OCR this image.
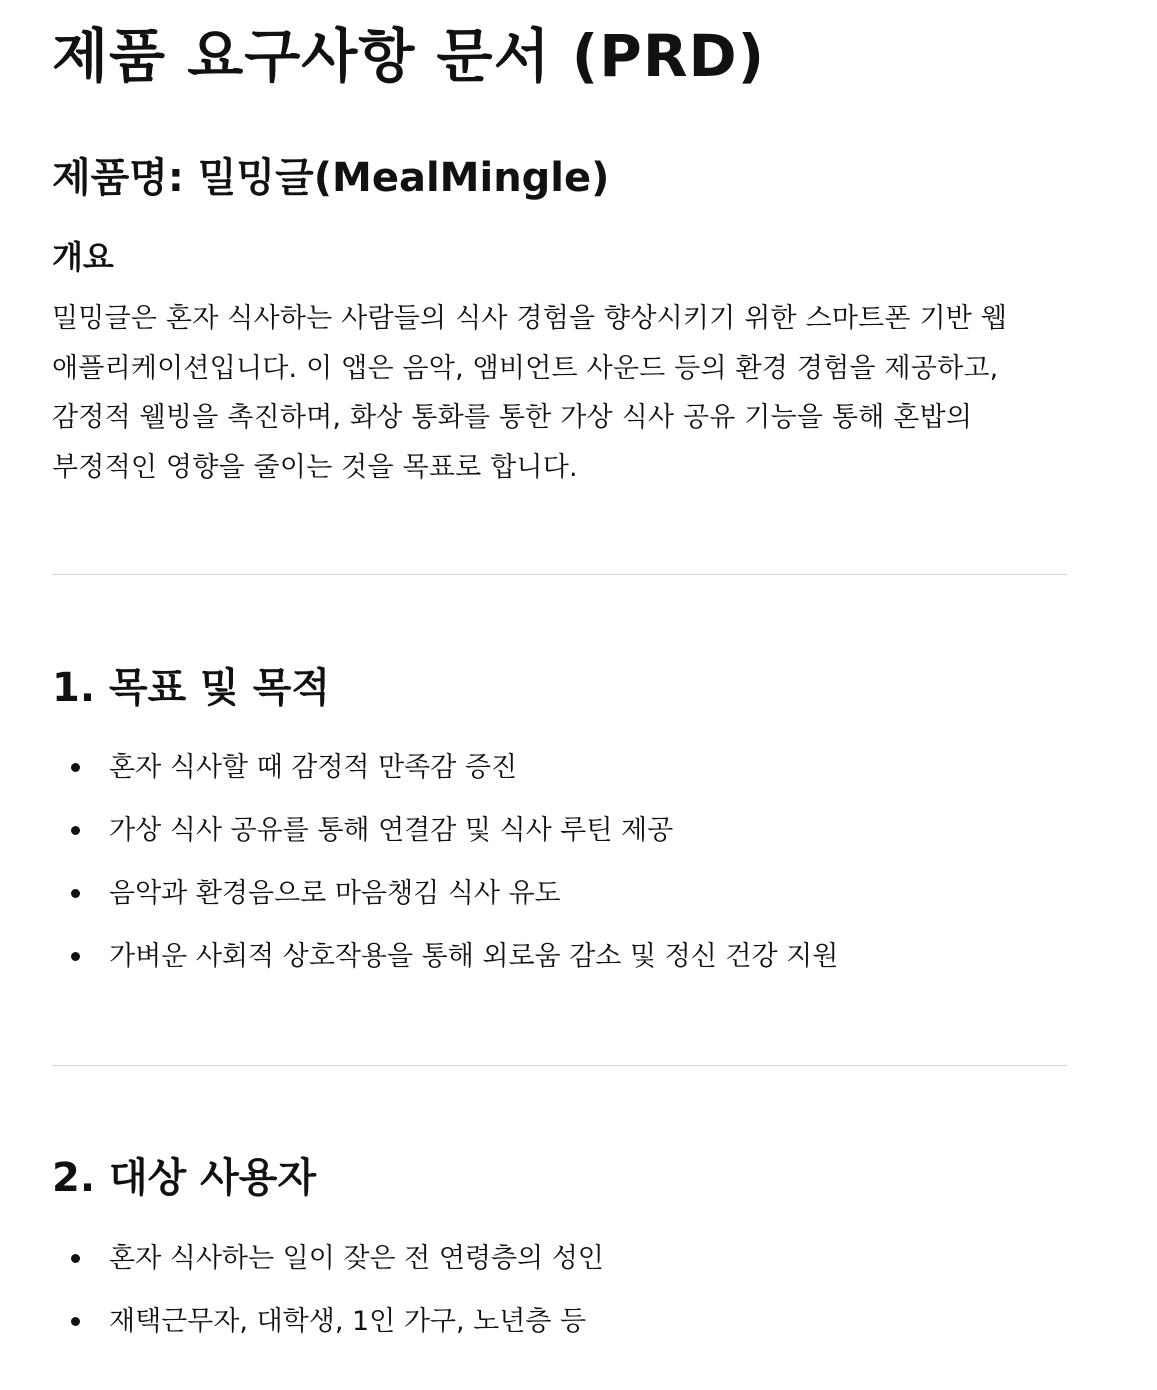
제품 요구사항 문서 (PRD)
제품명: 밀밍글(MealMingle)
개요

밀밍글은 혼자 식사하는 사람들의 식사 경험을 향상시키기 위한 스마트폰 기반 웹 애플리케이션입니다. 이 앱은 음악, 앰비언트 사운드 등의 환경 경험을 제공하고, 감정적 웰빙을 촉진하며, 화상 통화를 통한 가상 식사 공유 기능을 통해 혼밥의 부정적인 영향을 줄이는 것을 목표로 합니다.

1. 목표 및 목적
혼자 식사할 때 감정적 만족감 증진
가상 식사 공유를 통해 연결감 및 식사 루틴 제공
음악과 환경음으로 마음챙김 식사 유도
가벼운 사회적 상호작용을 통해 외로움 감소 및 정신 건강 지원
2. 대상 사용자
혼자 식사하는 일이 잦은 전 연령층의 성인
재택근무자, 대학생, 1인 가구, 노년층 등
